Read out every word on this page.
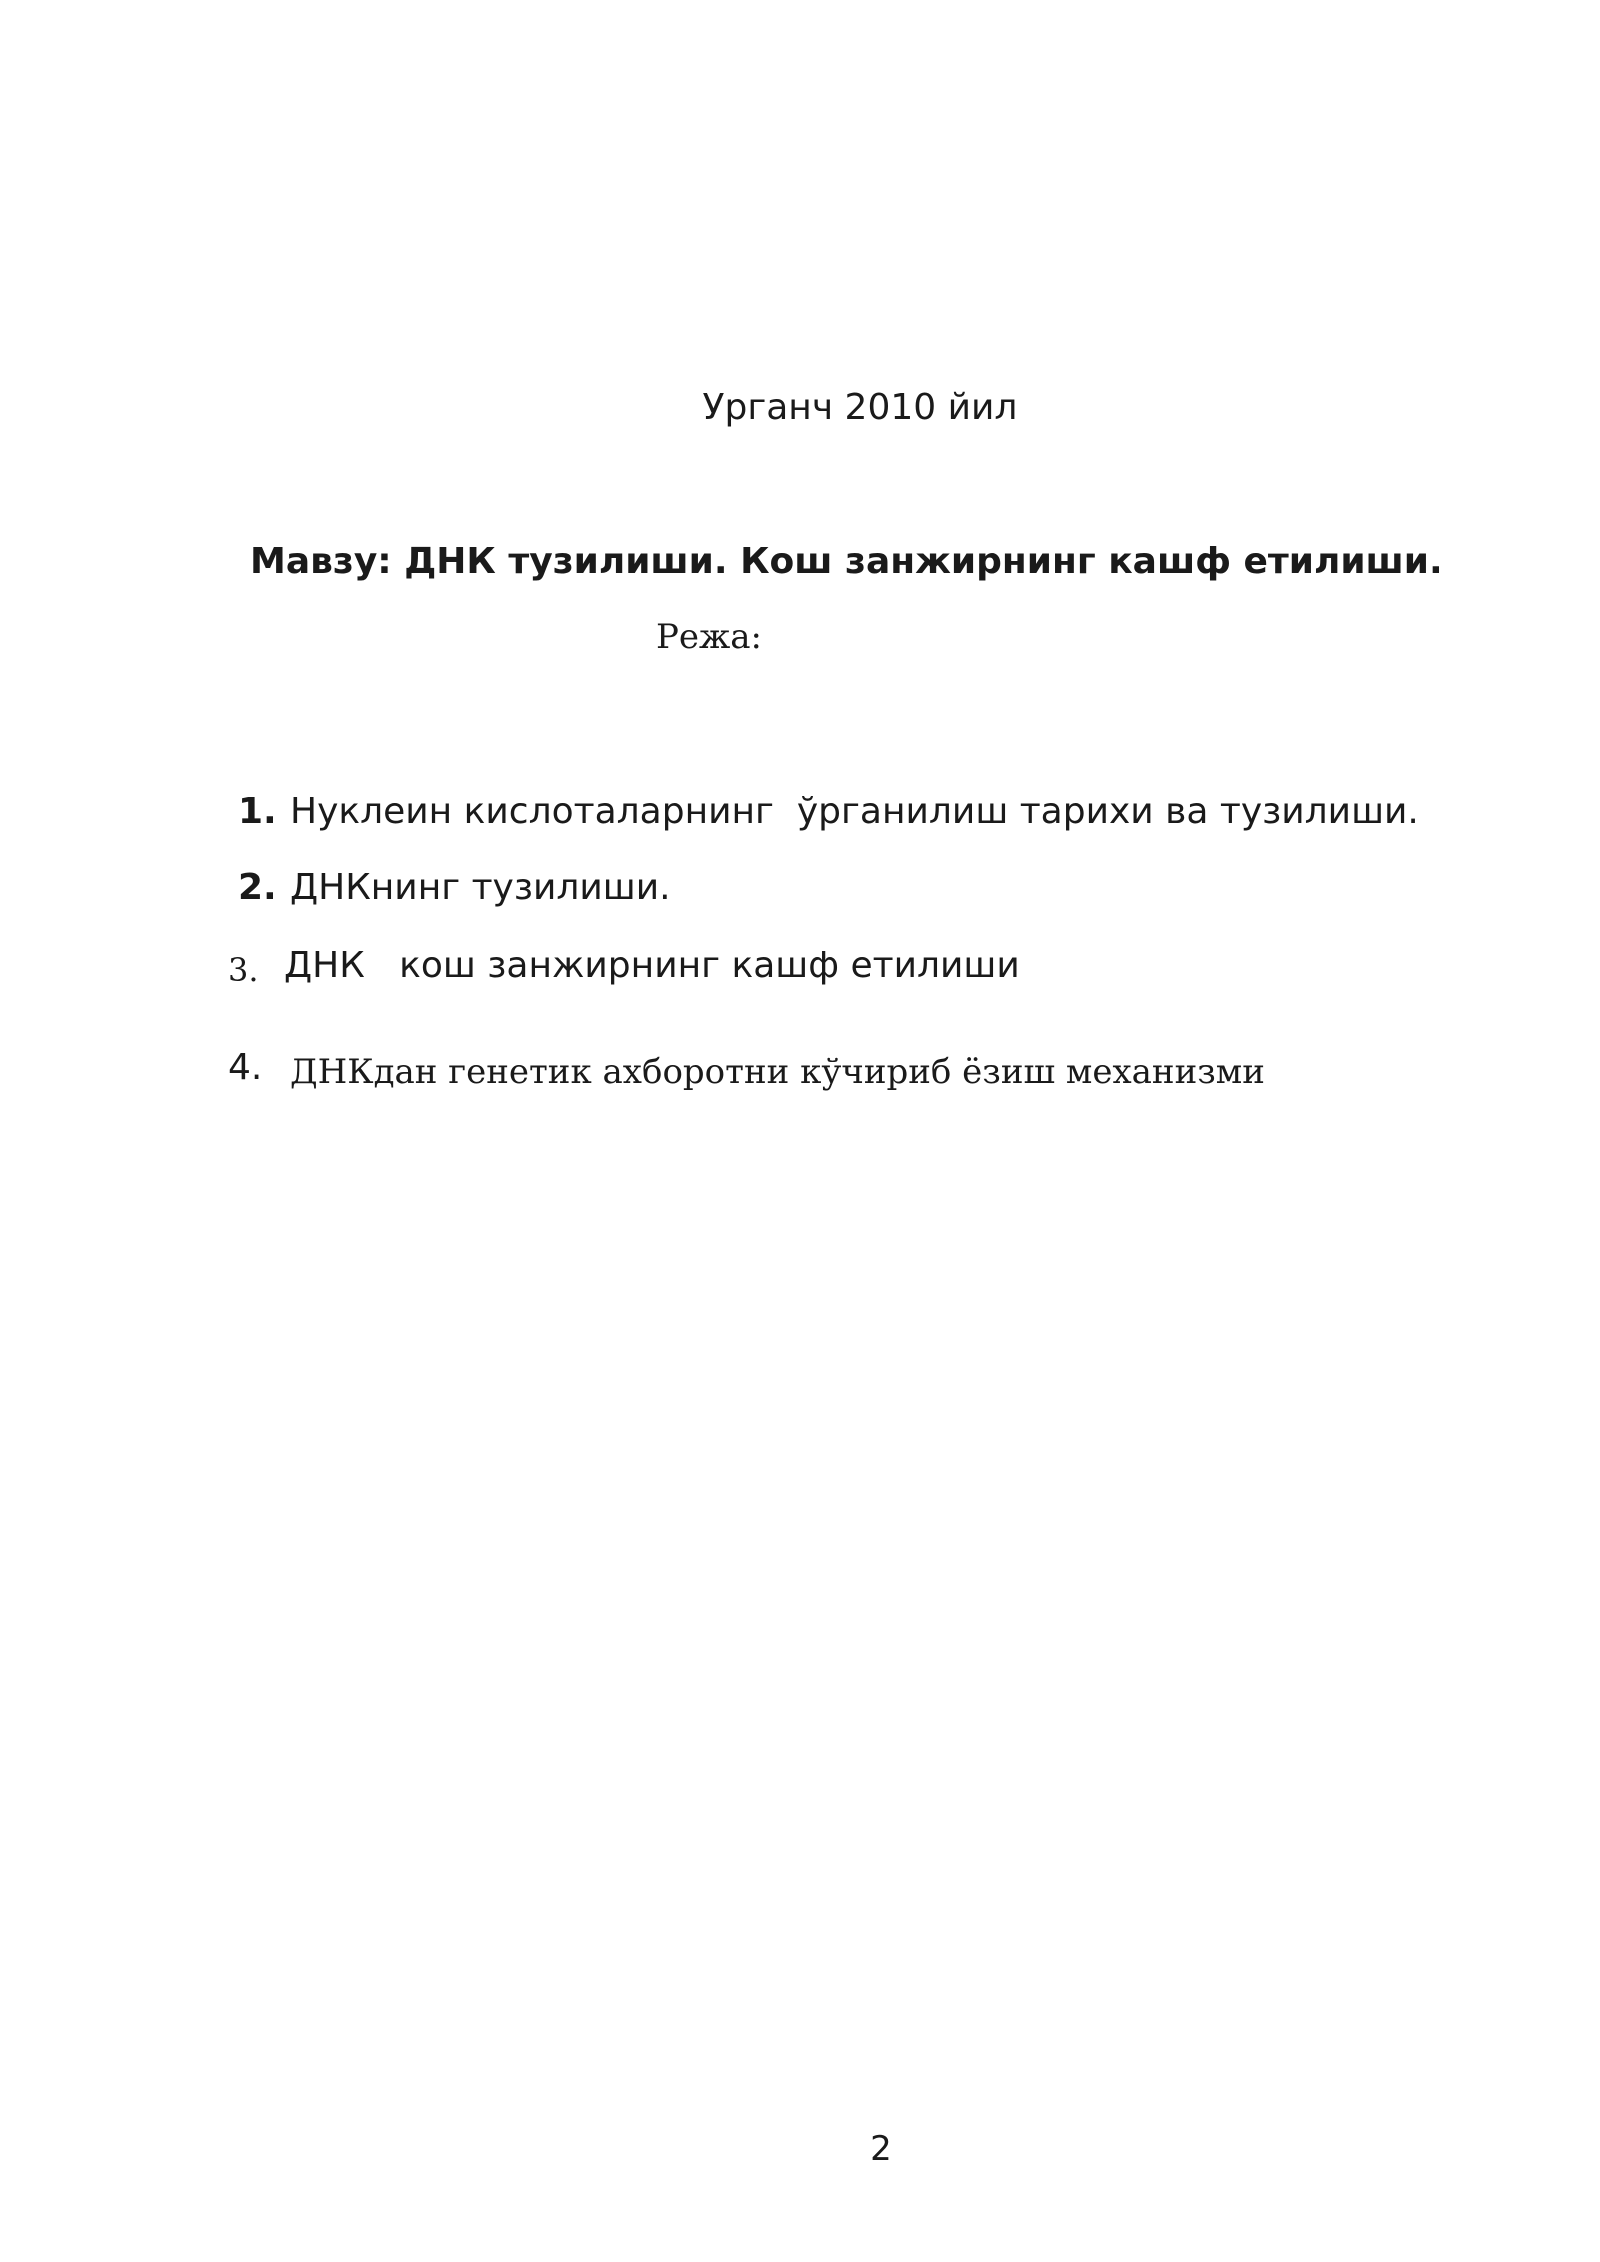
Урганч 2010 йил
Мавзу: ДНК тузилиши. Кош занжирнинг кашф етилиши.
Режа:
1. Нуклеин кислоталарнинг  ўрганилиш тарихи ва тузилиши.
2. ДНКнинг тузилиши.
3. ДНК   кош занжирнинг кашф етилиши
4. ДНКдан генетик ахборотни кўчириб ёзиш механизми
2
